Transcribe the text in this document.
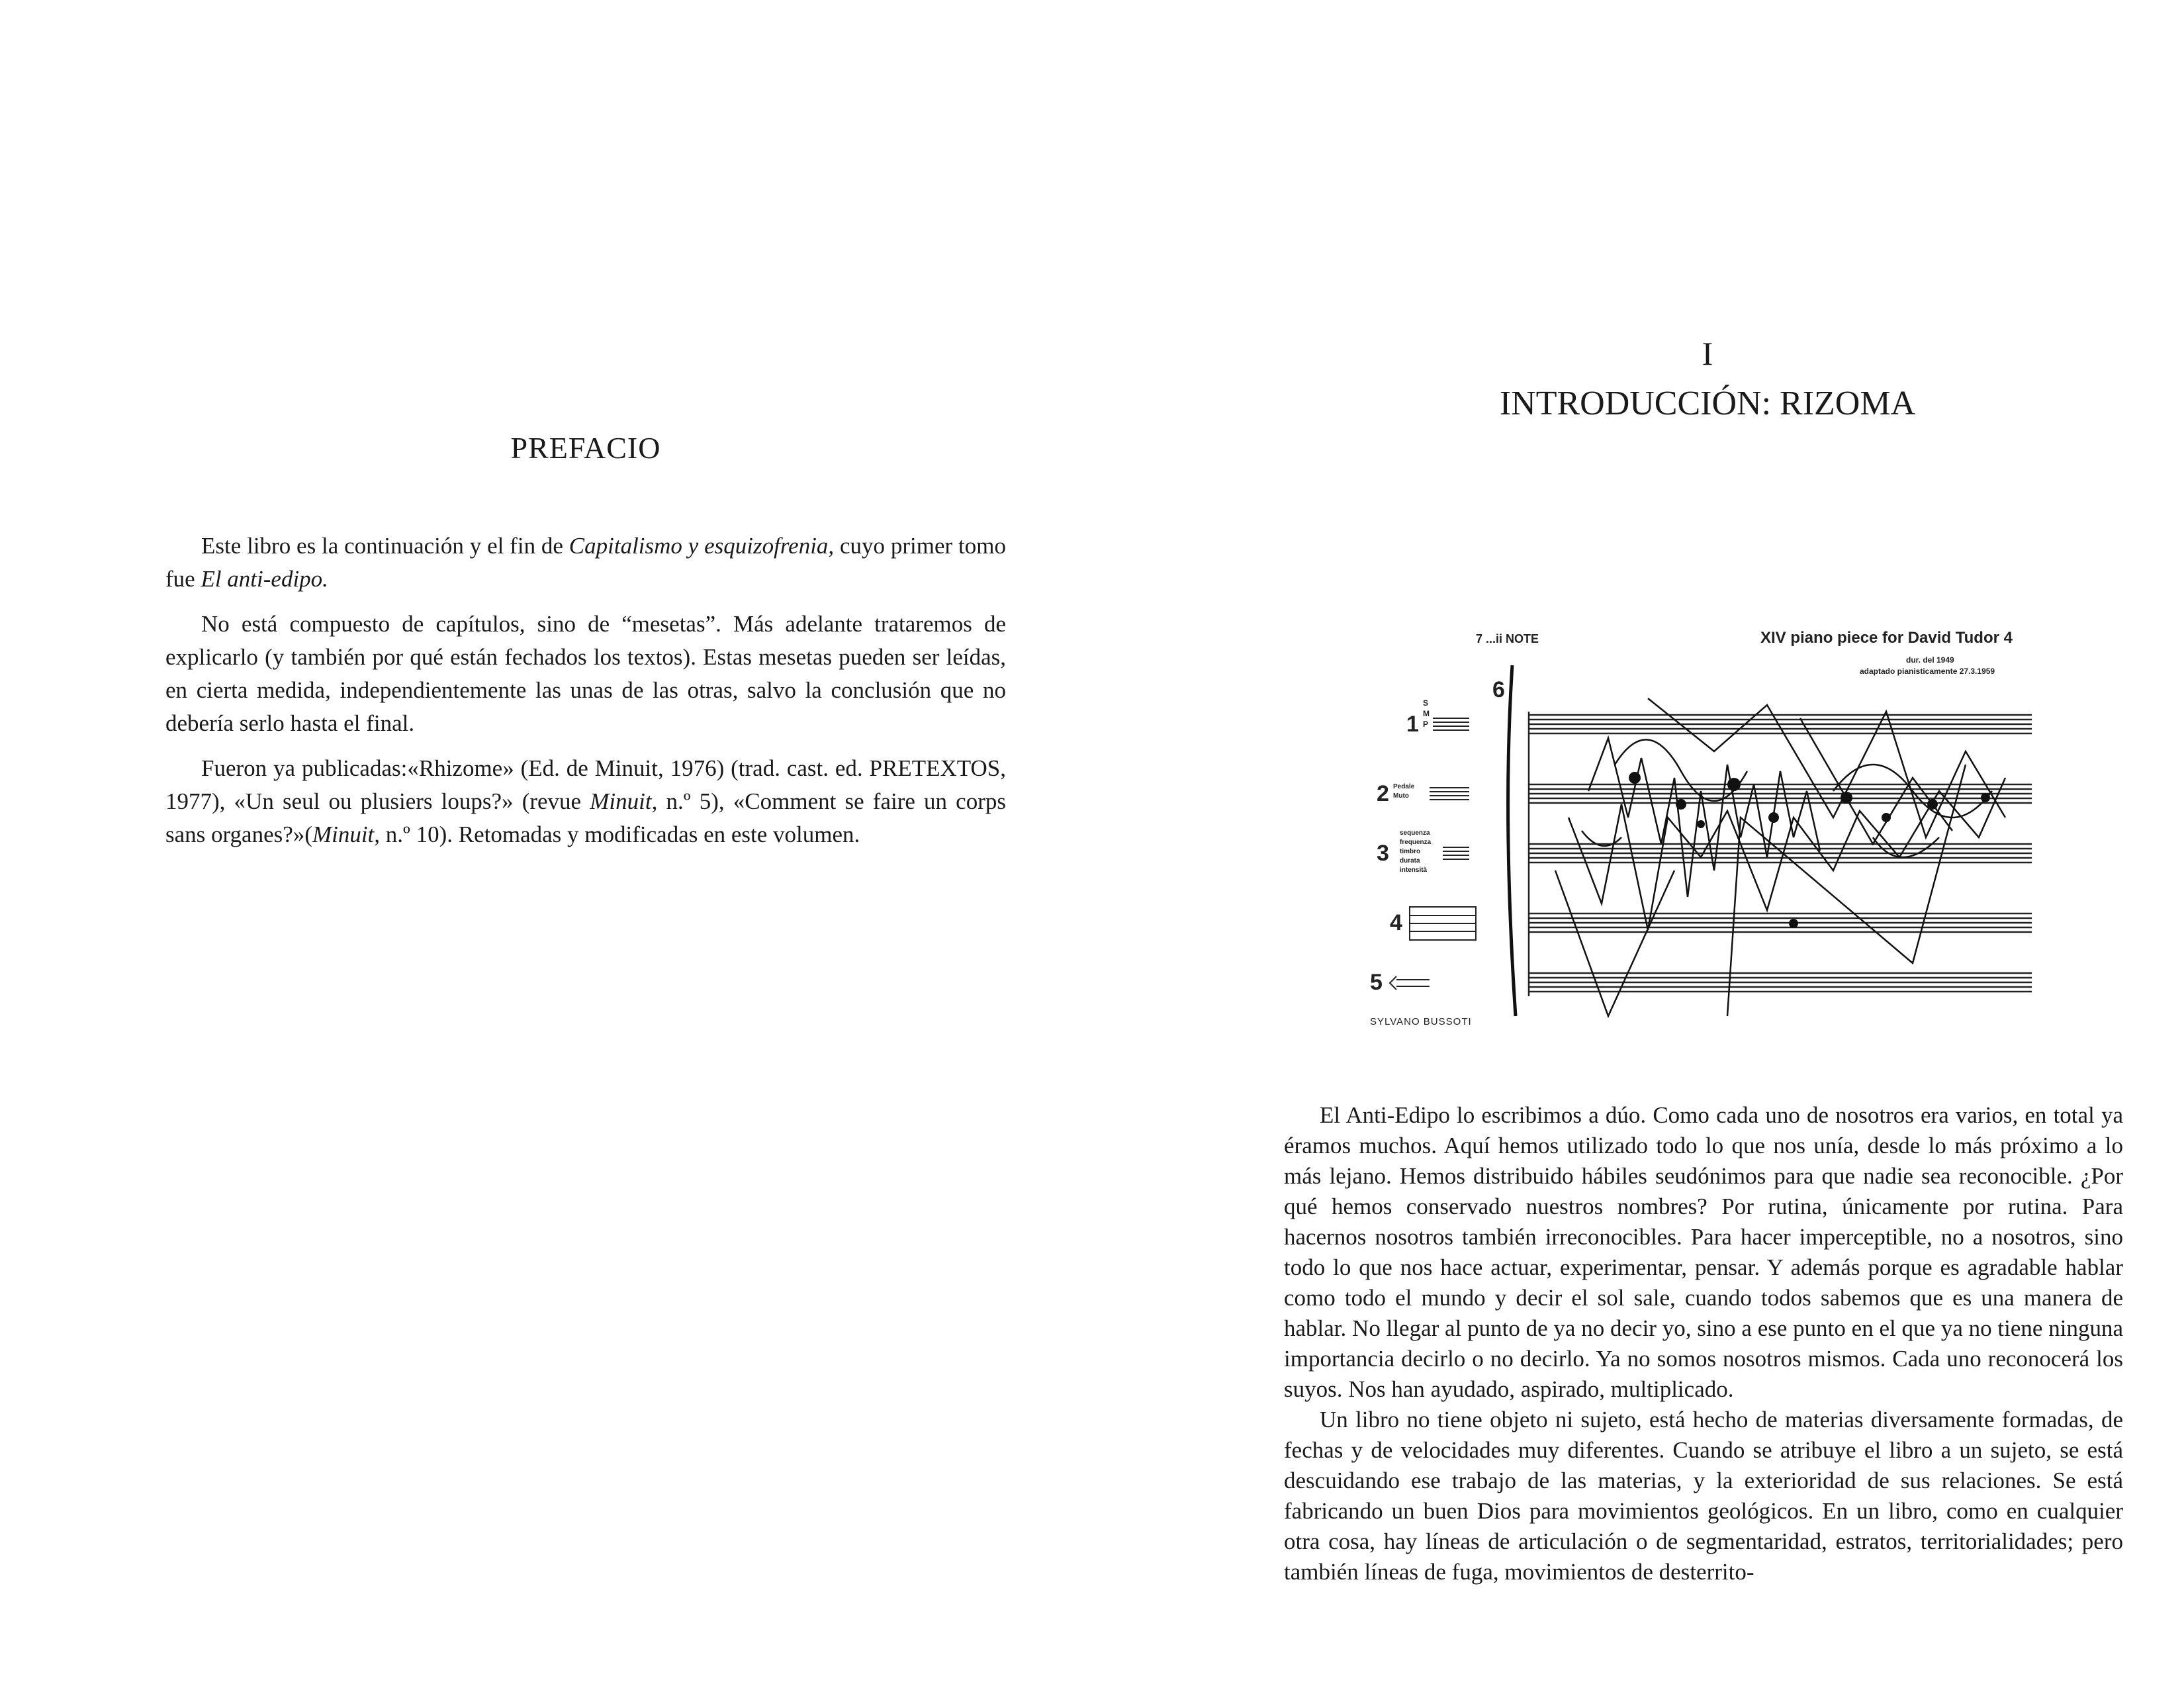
PREFACIO

Este libro es la continuación y el fin de Capitalismo y esquizofrenia, cuyo primer tomo fue El anti-edipo.

No está compuesto de capítulos, sino de “mesetas”. Más adelante trataremos de explicarlo (y también por qué están fechados los textos). Estas mesetas pueden ser leídas, en cierta medida, independientemente las unas de las otras, salvo la conclusión que no debería serlo hasta el final.

Fueron ya publicadas:«Rhizome» (Ed. de Minuit, 1976) (trad. cast. ed. PRETEXTOS, 1977), «Un seul ou plusiers loups?» (revue Minuit, n.º 5), «Comment se faire un corps sans organes?»(Minuit, n.º 10). Retomadas y modificadas en este volumen.

I
INTRODUCCIÓN: RIZOMA
7 ...ii NOTE	XIV piano piece for David Tudor 4
dur. del 1949
adaptado pianisticamente 27.3.1959
6
1
2
3
4
5
S
M
P
Pedale
Muto
sequenza
frequenza
timbro
durata
intensità
SYLVANO BUSSOTI

El Anti-Edipo lo escribimos a dúo. Como cada uno de nosotros era varios, en total ya éramos muchos. Aquí hemos utilizado todo lo que nos unía, desde lo más próximo a lo más lejano. Hemos distribuido hábiles seudónimos para que nadie sea reconocible. ¿Por qué hemos conservado nuestros nombres? Por rutina, únicamente por rutina. Para hacernos nosotros también irreconocibles. Para hacer imperceptible, no a nosotros, sino todo lo que nos hace actuar, experimentar, pensar. Y además porque es agradable hablar como todo el mundo y decir el sol sale, cuando todos sabemos que es una manera de hablar. No llegar al punto de ya no decir yo, sino a ese punto en el que ya no tiene ninguna importancia decirlo o no decirlo. Ya no somos nosotros mismos. Cada uno reconocerá los suyos. Nos han ayudado, aspirado, multiplicado.

Un libro no tiene objeto ni sujeto, está hecho de materias diversamente formadas, de fechas y de velocidades muy diferentes. Cuando se atribuye el libro a un sujeto, se está descuidando ese trabajo de las materias, y la exterioridad de sus relaciones. Se está fabricando un buen Dios para movimientos geológicos. En un libro, como en cualquier otra cosa, hay líneas de articulación o de segmentaridad, estratos, territorialidades; pero también líneas de fuga, movimientos de desterrito-
